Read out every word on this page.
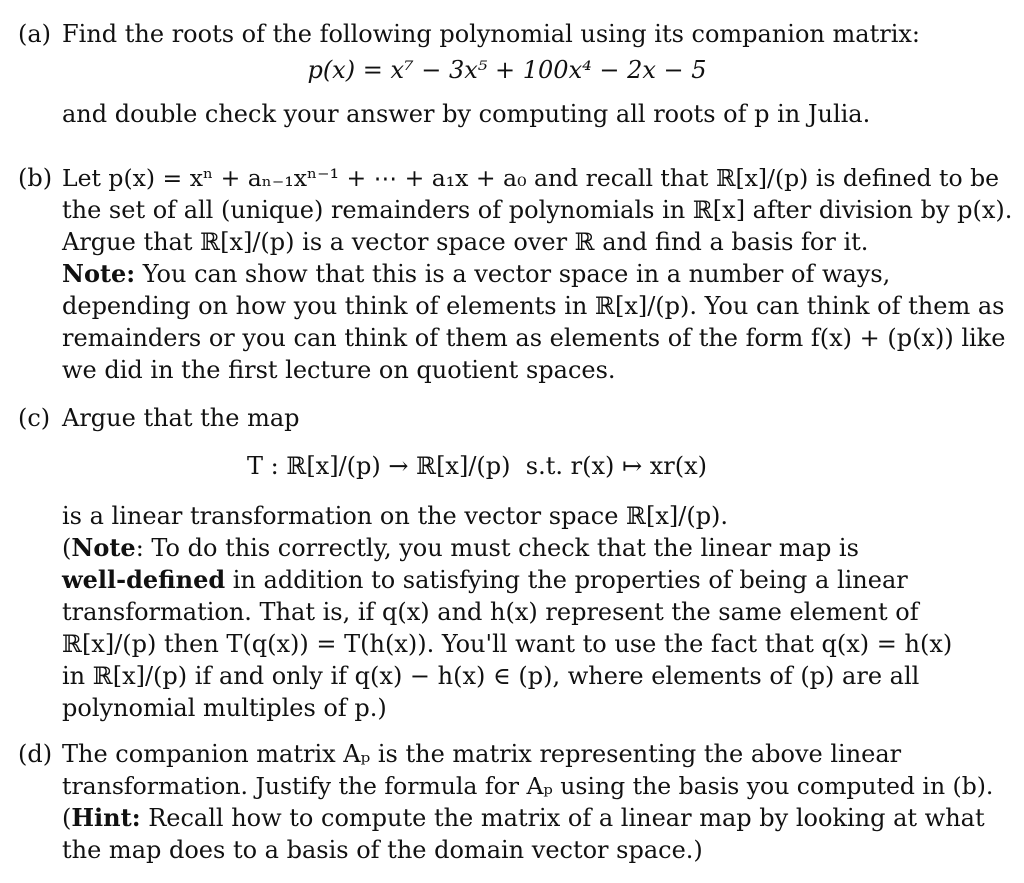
(a) Find the roots of the following polynomial using its companion matrix:
p(x) = x⁷ − 3x⁵ + 100x⁴ − 2x − 5
and double check your answer by computing all roots of p in Julia.
(b) Let p(x) = xⁿ + aₙ₋₁xⁿ⁻¹ + ⋯ + a₁x + a₀ and recall that ℝ[x]/(p) is defined to be
the set of all (unique) remainders of polynomials in ℝ[x] after division by p(x).
Argue that ℝ[x]/(p) is a vector space over ℝ and find a basis for it.
Note: You can show that this is a vector space in a number of ways,
depending on how you think of elements in ℝ[x]/(p). You can think of them as
remainders or you can think of them as elements of the form f(x) + (p(x)) like
we did in the first lecture on quotient spaces.
(c) Argue that the map
T : ℝ[x]/(p) → ℝ[x]/(p)  s.t. r(x) ↦ xr(x)
is a linear transformation on the vector space ℝ[x]/(p).
(Note: To do this correctly, you must check that the linear map is
well-defined in addition to satisfying the properties of being a linear
transformation. That is, if q(x) and h(x) represent the same element of
ℝ[x]/(p) then T(q(x)) = T(h(x)). You'll want to use the fact that q(x) = h(x)
in ℝ[x]/(p) if and only if q(x) − h(x) ∈ (p), where elements of (p) are all
polynomial multiples of p.)
(d) The companion matrix Aₚ is the matrix representing the above linear
transformation. Justify the formula for Aₚ using the basis you computed in (b).
(Hint: Recall how to compute the matrix of a linear map by looking at what
the map does to a basis of the domain vector space.)
